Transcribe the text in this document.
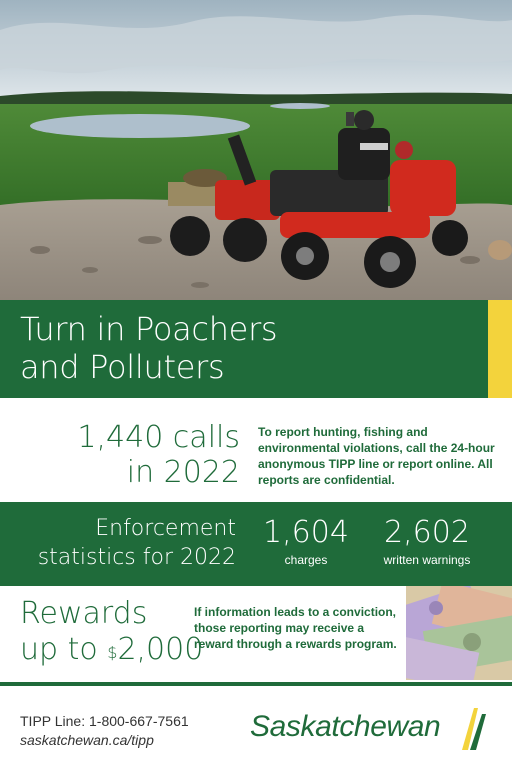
Turn in Poachers
and Polluters
1,440 calls
in 2022
To report hunting, fishing and environmental violations, call the 24-hour anonymous TIPP line or report online. All reports are confidential.
Enforcement
statistics for 2022
1,604
charges
2,602
written warnings
Rewards
up to $2,000
If information leads to a conviction, those reporting may receive a reward through a rewards program.
TIPP Line: 1-800-667-7561
saskatchewan.ca/tipp	Saskatchewan
